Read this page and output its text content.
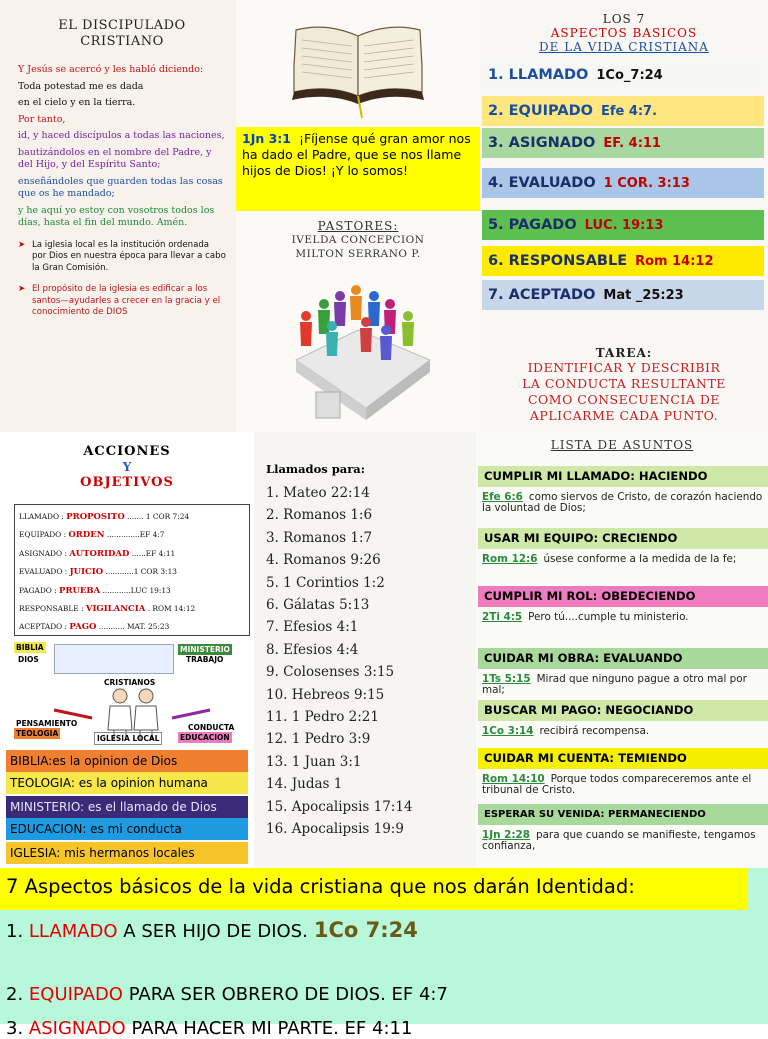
EL DISCIPULADO
CRISTIANO
Y Jesús se acercó y les habló diciendo:
Toda potestad me es dada
en el cielo y en la tierra.
Por tanto,
id, y haced discípulos a todas las naciones,
bautizándolos en el nombre del Padre, y del Hijo, y del Espíritu Santo;
enseñándoles que guarden todas las cosas que os he mandado;
y he aquí yo estoy con vosotros todos los días, hasta el fin del mundo. Amén.
➤ La iglesia local es la institución ordenada por Dios en nuestra época para llevar a cabo la Gran Comisión.
➤ El propósito de la iglesia es edificar a los santos—ayudarles a crecer en la gracia y el conocimiento de DIOS
1Jn 3:1 ¡Fíjense qué gran amor nos ha dado el Padre, que se nos llame hijos de Dios! ¡Y lo somos!
PASTORES:
IVELDA CONCEPCION
MILTON SERRANO P.
LOS 7
ASPECTOS BASICOS
DE LA VIDA CRISTIANA
1. LLAMADO 1Co_7:24
2. EQUIPADO Efe 4:7.
3. ASIGNADO EF. 4:11
4. EVALUADO 1 COR. 3:13
5. PAGADO LUC. 19:13
6. RESPONSABLE Rom 14:12
7. ACEPTADO Mat _25:23
TAREA:
IDENTIFICAR Y DESCRIBIR
LA CONDUCTA RESULTANTE
COMO CONSECUENCIA DE
APLICARME CADA PUNTO.
ACCIONES
Y
OBJETIVOS
LLAMADO : PROPOSITO ....... 1 COR 7:24
EQUIPADO : ORDEN ..............EF 4:7
ASIGNADO : AUTORIDAD ......EF 4:11
EVALUADO : JUICIO ............1 COR 3:13
PAGADO : PRUEBA ............LUC 19:13
RESPONSABLE : VIGILANCIA . ROM 14:12
ACEPTADO : PAGO ........... MAT. 25:23
BIBLIA
DIOS
MINISTERIO
TRABAJO
CRISTIANOS
PENSAMIENTO
TEOLOGIA
IGLESIA LOCAL
CONDUCTA
EDUCACION
BIBLIA:es la opinion de Dios
TEOLOGIA: es la opinion humana
MINISTERIO: es el llamado de Dios
EDUCACION: es mi conducta
IGLESIA: mis hermanos locales
Llamados para:
1. Mateo 22:14
2. Romanos 1:6
3. Romanos 1:7
4. Romanos 9:26
5. 1 Corintios 1:2
6. Gálatas 5:13
7. Efesios 4:1
8. Efesios 4:4
9. Colosenses 3:15
10. Hebreos 9:15
11. 1 Pedro 2:21
12. 1 Pedro 3:9
13. 1 Juan 3:1
14. Judas 1
15. Apocalipsis 17:14
16. Apocalipsis 19:9
LISTA DE ASUNTOS
CUMPLIR MI LLAMADO: HACIENDO
Efe 6:6 como siervos de Cristo, de corazón haciendo la voluntad de Dios;
USAR MI EQUIPO: CRECIENDO
Rom 12:6 úsese conforme a la medida de la fe;
CUMPLIR MI ROL: OBEDECIENDO
2Ti 4:5 Pero tú....cumple tu ministerio.
CUIDAR MI OBRA: EVALUANDO
1Ts 5:15 Mirad que ninguno pague a otro mal por mal;
BUSCAR MI PAGO: NEGOCIANDO
1Co 3:14 recibirá recompensa.
CUIDAR MI CUENTA: TEMIENDO
Rom 14:10 Porque todos compareceremos ante el tribunal de Cristo.
ESPERAR SU VENIDA: PERMANECIENDO
1Jn 2:28 para que cuando se manifieste, tengamos confianza,
7 Aspectos básicos de la vida cristiana que nos darán Identidad:
1. LLAMADO A SER HIJO DE DIOS. 1Co 7:24
2. EQUIPADO PARA SER OBRERO DE DIOS. EF 4:7
3. ASIGNADO PARA HACER MI PARTE. EF 4:11
